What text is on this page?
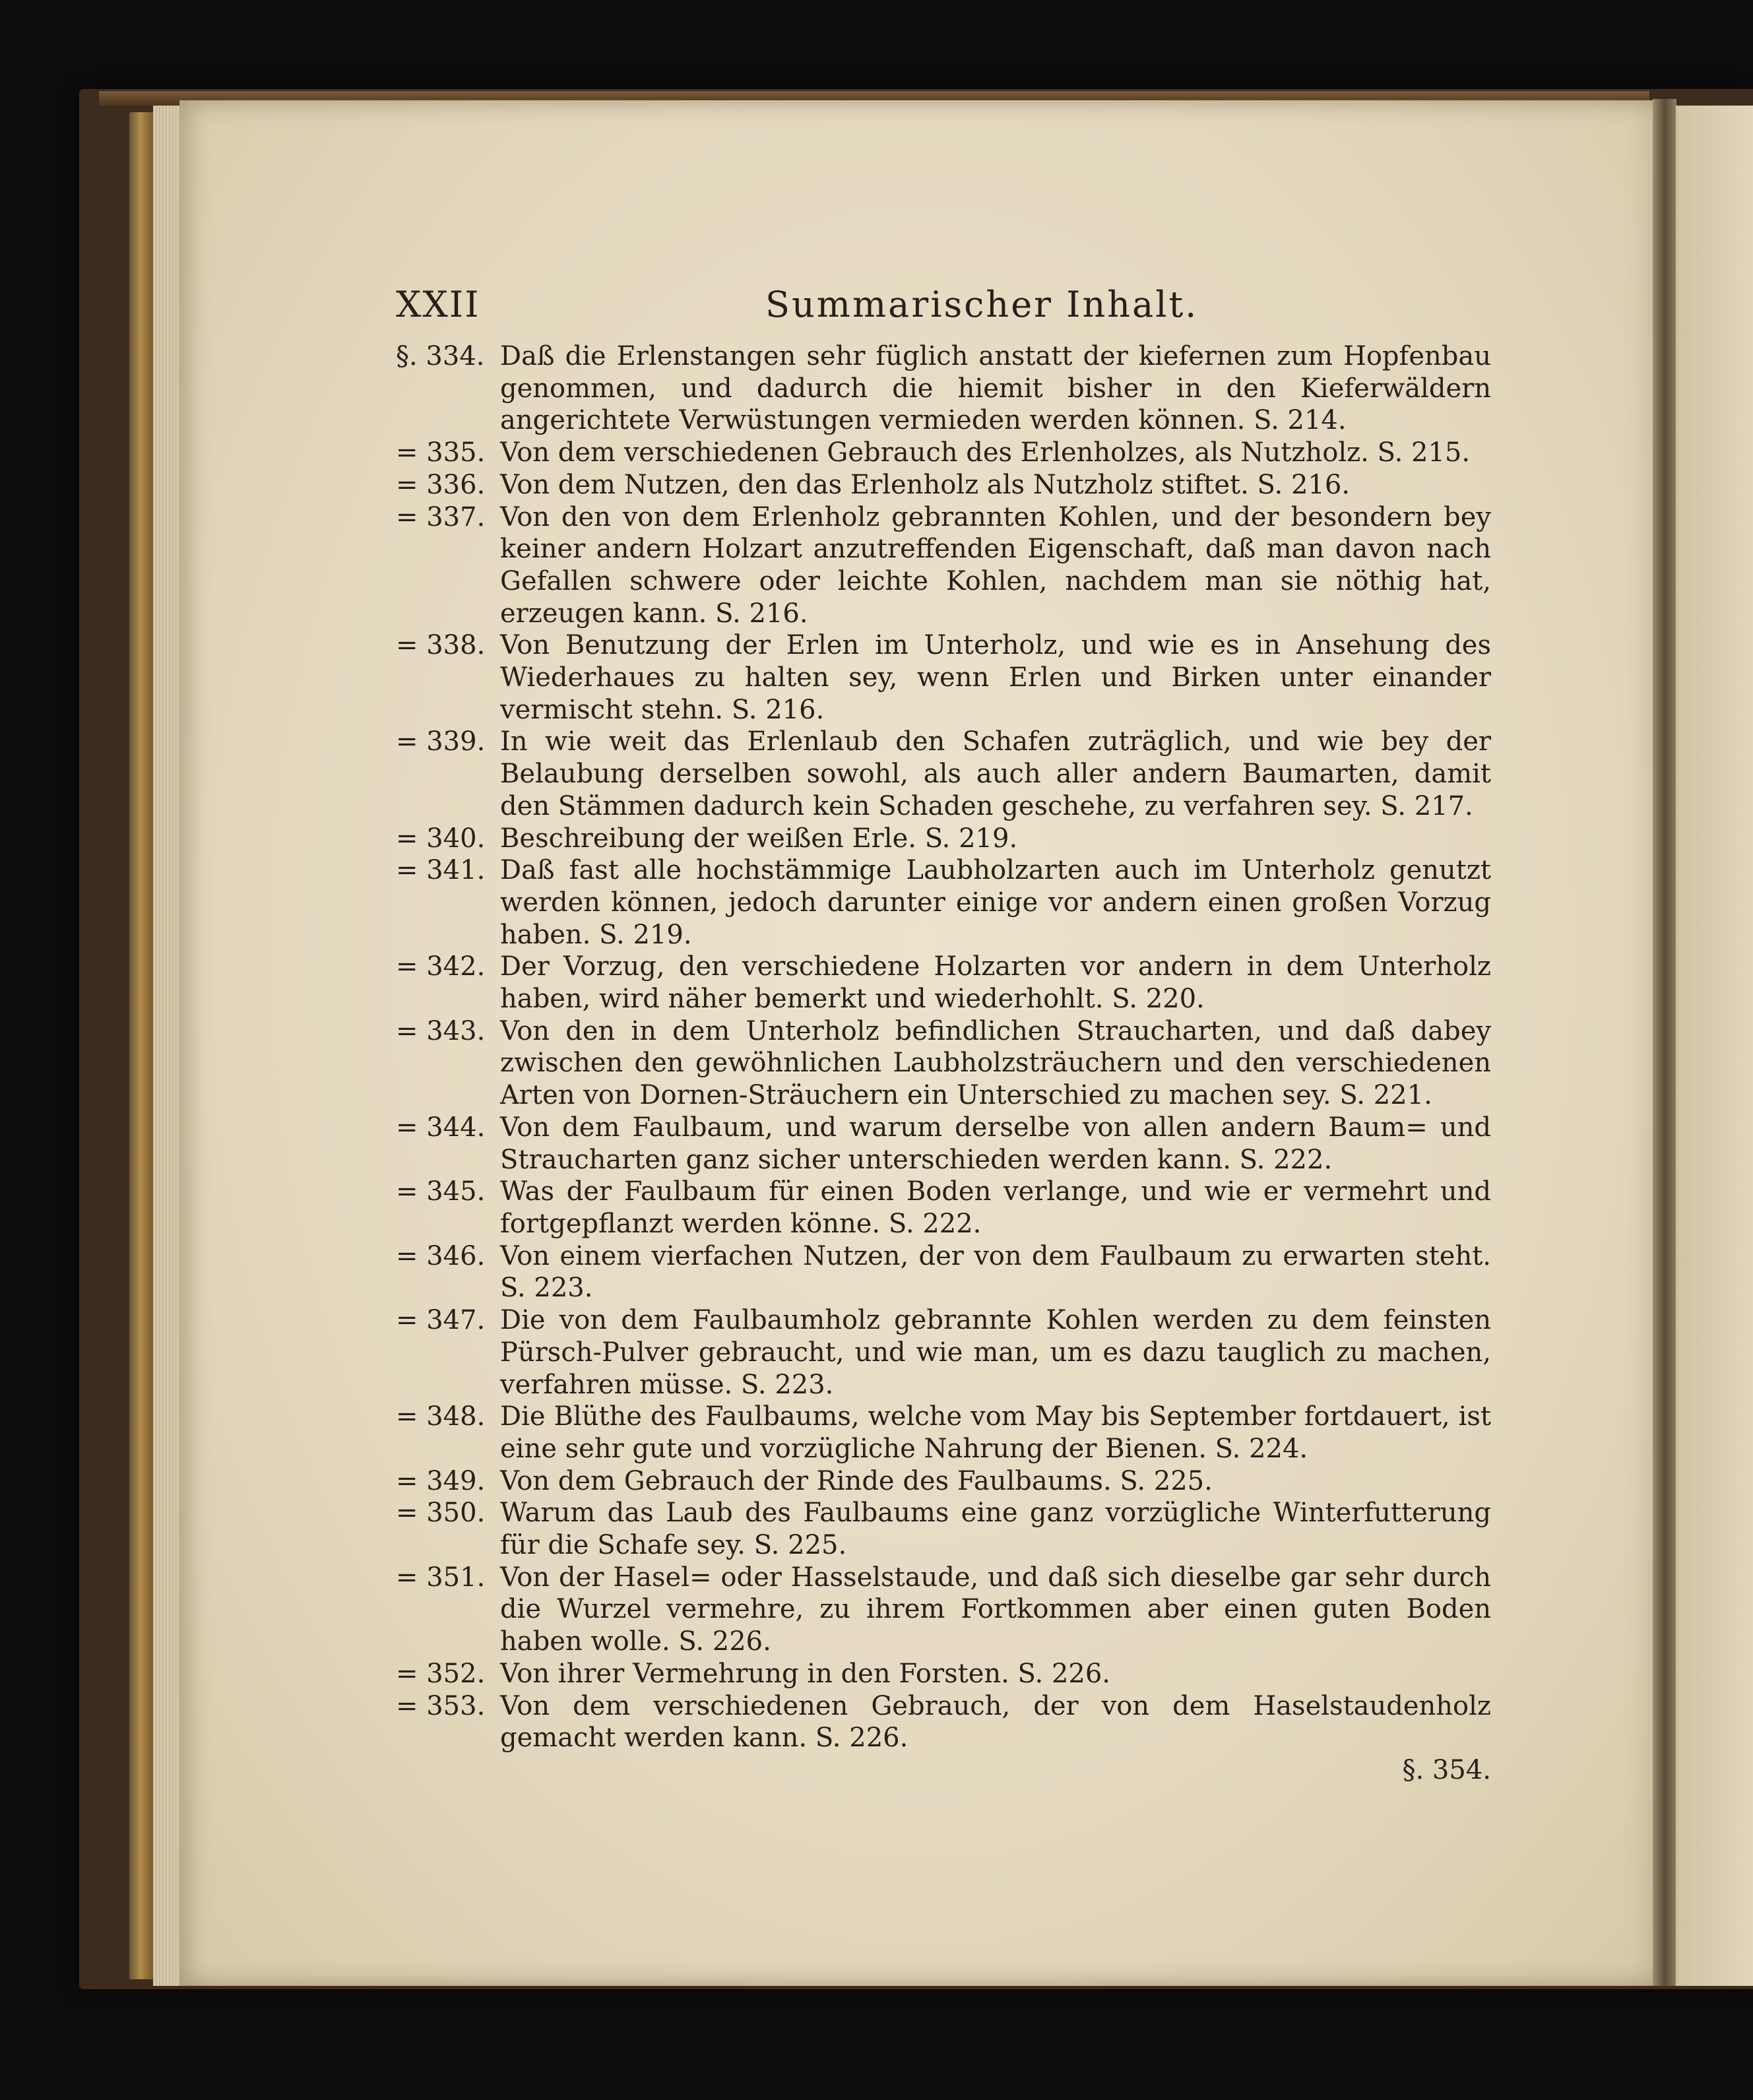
XXII	Summarischer Inhalt.

§. 334. Daß die Erlenstangen sehr füglich anstatt der kiefernen zum Hopfenbau genommen, und dadurch die hiemit bisher in den Kieferwäldern angerichtete Verwüstungen vermieden werden können. S. 214.

= 335. Von dem verschiedenen Gebrauch des Erlenholzes, als Nutzholz. S. 215.

= 336. Von dem Nutzen, den das Erlenholz als Nutzholz stiftet. S. 216.

= 337. Von den von dem Erlenholz gebrannten Kohlen, und der besondern bey keiner andern Holzart anzutreffenden Eigenschaft, daß man davon nach Gefallen schwere oder leichte Kohlen, nachdem man sie nöthig hat, erzeugen kann. S. 216.

= 338. Von Benutzung der Erlen im Unterholz, und wie es in Ansehung des Wiederhaues zu halten sey, wenn Erlen und Birken unter einander vermischt stehn. S. 216.

= 339. In wie weit das Erlenlaub den Schafen zuträglich, und wie bey der Belaubung derselben sowohl, als auch aller andern Baumarten, damit den Stämmen dadurch kein Schaden geschehe, zu verfahren sey. S. 217.

= 340. Beschreibung der weißen Erle. S. 219.

= 341. Daß fast alle hochstämmige Laubholzarten auch im Unterholz genutzt werden können, jedoch darunter einige vor andern einen großen Vorzug haben. S. 219.

= 342. Der Vorzug, den verschiedene Holzarten vor andern in dem Unterholz haben, wird näher bemerkt und wiederhohlt. S. 220.

= 343. Von den in dem Unterholz befindlichen Straucharten, und daß dabey zwischen den gewöhnlichen Laubholzsträuchern und den verschiedenen Arten von Dornen-Sträuchern ein Unterschied zu machen sey. S. 221.

= 344. Von dem Faulbaum, und warum derselbe von allen andern Baum= und Straucharten ganz sicher unterschieden werden kann. S. 222.

= 345. Was der Faulbaum für einen Boden verlange, und wie er vermehrt und fortgepflanzt werden könne. S. 222.

= 346. Von einem vierfachen Nutzen, der von dem Faulbaum zu erwarten steht. S. 223.

= 347. Die von dem Faulbaumholz gebrannte Kohlen werden zu dem feinsten Pürsch-Pulver gebraucht, und wie man, um es dazu tauglich zu machen, verfahren müsse. S. 223.

= 348. Die Blüthe des Faulbaums, welche vom May bis September fortdauert, ist eine sehr gute und vorzügliche Nahrung der Bienen. S. 224.

= 349. Von dem Gebrauch der Rinde des Faulbaums. S. 225.

= 350. Warum das Laub des Faulbaums eine ganz vorzügliche Winterfutterung für die Schafe sey. S. 225.

= 351. Von der Hasel= oder Hasselstaude, und daß sich dieselbe gar sehr durch die Wurzel vermehre, zu ihrem Fortkommen aber einen guten Boden haben wolle. S. 226.

= 352. Von ihrer Vermehrung in den Forsten. S. 226.

= 353. Von dem verschiedenen Gebrauch, der von dem Haselstaudenholz gemacht werden kann. S. 226.

§. 354.
